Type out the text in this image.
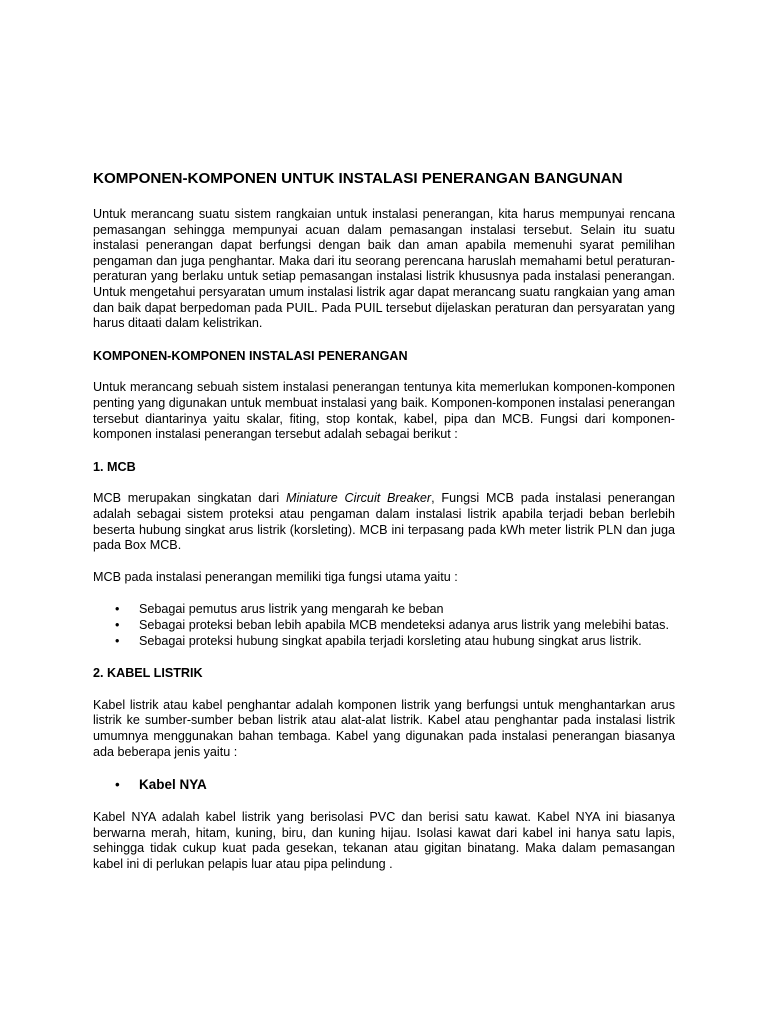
KOMPONEN-KOMPONEN UNTUK INSTALASI PENERANGAN BANGUNAN

Untuk merancang suatu sistem rangkaian untuk instalasi penerangan, kita harus mempunyai rencana pemasangan sehingga mempunyai acuan dalam pemasangan instalasi tersebut. Selain itu suatu instalasi penerangan dapat berfungsi dengan baik dan aman apabila memenuhi syarat pemilihan pengaman dan juga penghantar. Maka dari itu seorang perencana haruslah memahami betul peraturan-peraturan yang berlaku untuk setiap pemasangan instalasi listrik khususnya pada instalasi penerangan. Untuk mengetahui persyaratan umum instalasi listrik agar dapat merancang suatu rangkaian yang aman dan baik dapat berpedoman pada PUIL. Pada PUIL tersebut dijelaskan peraturan dan persyaratan yang harus ditaati dalam kelistrikan.

KOMPONEN-KOMPONEN INSTALASI PENERANGAN

Untuk merancang sebuah sistem instalasi penerangan tentunya kita memerlukan komponen-komponen penting yang digunakan untuk membuat instalasi yang baik. Komponen-komponen instalasi penerangan tersebut diantarinya yaitu skalar, fiting, stop kontak, kabel, pipa dan MCB. Fungsi dari komponen-komponen instalasi penerangan tersebut adalah sebagai berikut :

1. MCB

MCB merupakan singkatan dari Miniature Circuit Breaker, Fungsi MCB pada instalasi penerangan adalah sebagai sistem proteksi atau pengaman dalam instalasi listrik apabila terjadi beban berlebih beserta hubung singkat arus listrik (korsleting). MCB ini terpasang pada kWh meter listrik PLN dan juga pada Box MCB.

MCB pada instalasi penerangan memiliki tiga fungsi utama yaitu :

• Sebagai pemutus arus listrik yang mengarah ke beban
• Sebagai proteksi beban lebih apabila MCB mendeteksi adanya arus listrik yang melebihi batas.
• Sebagai proteksi hubung singkat apabila terjadi korsleting atau hubung singkat arus listrik.
2. KABEL LISTRIK

Kabel listrik atau kabel penghantar adalah komponen listrik yang berfungsi untuk menghantarkan arus listrik ke sumber-sumber beban listrik atau alat-alat listrik. Kabel atau penghantar pada instalasi listrik umumnya menggunakan bahan tembaga. Kabel yang digunakan pada instalasi penerangan biasanya ada beberapa jenis yaitu :

• Kabel NYA

Kabel NYA adalah kabel listrik yang berisolasi PVC dan berisi satu kawat. Kabel NYA ini biasanya berwarna merah, hitam, kuning, biru, dan kuning hijau. Isolasi kawat dari kabel ini hanya satu lapis, sehingga tidak cukup kuat pada gesekan, tekanan atau gigitan binatang. Maka dalam pemasangan kabel ini di perlukan pelapis luar atau pipa pelindung .
